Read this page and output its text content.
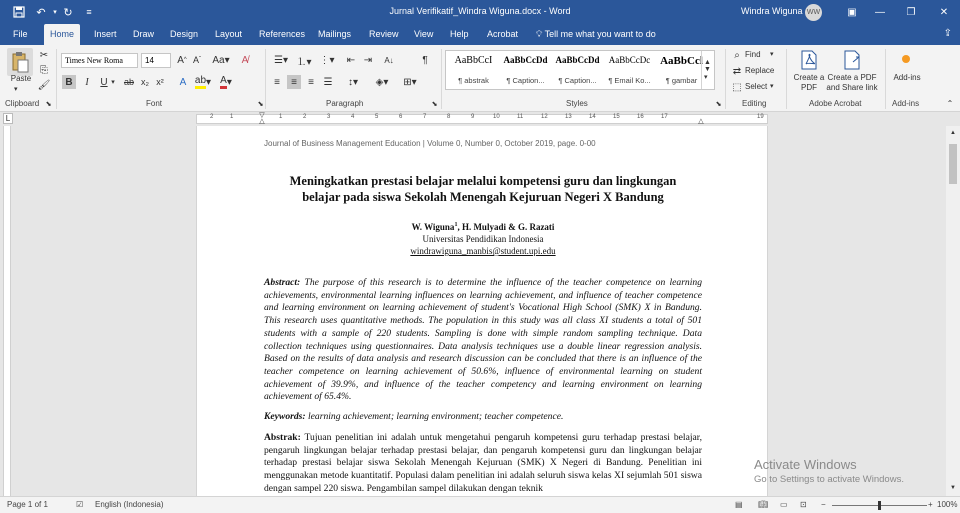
↶	▾ ↻	≡	Jurnal Verifikatif_Windra Wiguna.docx - Word	Windra Wiguna WW	▣	—	❐	✕
File	Home	Insert	Draw	Design	Layout	References	Mailings	Review	View	Help	Acrobat	💡︎ Tell me what you want to do	⇪
Paste
▾
✂
⎘
🖌︎
Clipboard ⬊
Times New Roma	14	A ^ A ˇ Aa▾	A̸
B	I	U ▾ ab x₂ x²	A ab ▾ A ▾
Font	⬊
☰▾ ⒈▾ ⋮▾ ⇤ ⇥	A↓	¶
≡	≡	≡ ☰	↕▾	◈▾	⊞▾
Paragraph	⬊
AaBbCcI
¶ abstrak
AaBbCcDd
¶ Caption...
AaBbCcDd
¶ Caption...
AaBbCcDc
¶ Email Ko...
AaBbCcl
¶ gambar
▲
▼
▾
Styles	⬊
⌕ Find ▾
⇄ Replace
⬚ Select ▾
Editing
Create a PDF
Create a PDF and Share link
Adobe Acrobat
Add-ins
Add-ins	⌃
L	2	1	1	2	3	4	5	6	7	8	9	10	11	12	13	14	15	16	17	19
▽
△	△
Journal of Business Management Education | Volume 0, Number 0, October 2019, page. 0-00
Meningkatkan prestasi belajar melalui kompetensi guru dan lingkungan
belajar pada siswa Sekolah Menengah Kejuruan Negeri X Bandung
W. Wiguna$^1$, H. Mulyadi & G. Razati
Universitas Pendidikan Indonesia
windrawiguna_manbis@student.upi.edu
Abstract: The purpose of this research is to determine the influence of the teacher competence on learning achievements, environmental learning influences on learning achievement, and influence of teacher competence and learning environment on learning achievement of student's Vocational High School (SMK) X in Bandung. This research uses quantitative methods. The population in this study was all class XI students a total of 501 students with a sample of 220 students. Sampling is done with simple random sampling technique. Data collection techniques using questionnaires. Data analysis techniques use a double linear regression analysis. Based on the results of data analysis and research discussion can be concluded that there is an influence of the teacher competence on learning achievement of 50.6%, influence of environmental learning on student achievement of 39.9%, and influence of the teacher competency and learning environment on learning achievement of 65.4%.
Keywords: learning achievement; learning environment; teacher competence.
Abstrak: Tujuan penelitian ini adalah untuk mengetahui pengaruh kompetensi guru terhadap prestasi belajar, pengaruh lingkungan belajar terhadap prestasi belajar, dan pengaruh kompetensi guru dan lingkungan belajar terhadap prestasi belajar siswa Sekolah Menengah Kejuruan (SMK) X Negeri di Bandung. Penelitian ini menggunakan metode kuantitatif. Populasi dalam penelitian ini adalah seluruh siswa kelas XI sejumlah 501 siswa dengan sampel 220 siswa. Pengambilan sampel dilakukan dengan teknik
▲
▼
Activate Windows
Go to Settings to activate Windows.
Page 1 of 1	☑ English (Indonesia)	▤ 📖︎ ▭ ⊡ −	+ 100%
